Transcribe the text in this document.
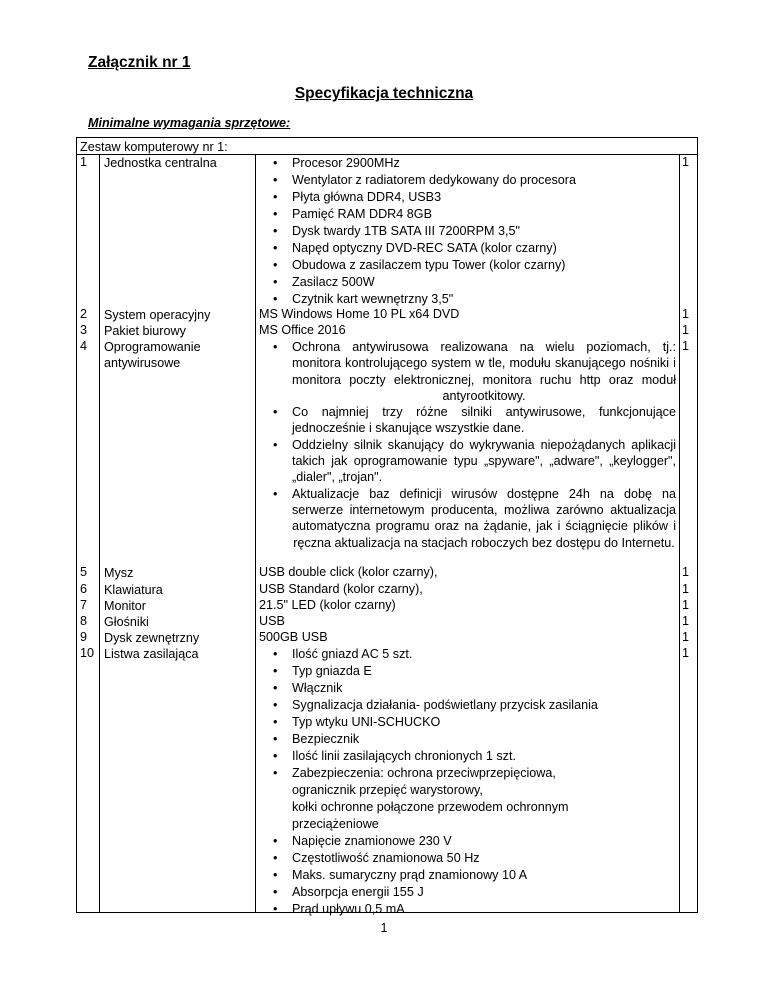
Załącznik nr 1
Specyfikacja techniczna
Minimalne wymagania sprzętowe:
Zestaw komputerowy nr 1:
1	Jednostka centralna	• Procesor 2900MHz
• Wentylator z radiatorem dedykowany do procesora
• Płyta główna DDR4, USB3
• Pamięć RAM DDR4 8GB
• Dysk twardy 1TB SATA III 7200RPM 3,5"
• Napęd optyczny DVD-REC SATA (kolor czarny)
• Obudowa z zasilaczem typu Tower (kolor czarny)
• Zasilacz 500W
• Czytnik kart wewnętrzny 3,5"
1
2	System operacyjny	MS Windows Home 10 PL x64 DVD	1
3	Pakiet biurowy	MS Office 2016	1
4	Oprogramowanie antywirusowe
• Ochrona antywirusowa realizowana na wielu poziomach, tj.: monitora kontrolującego system w tle, modułu skanującego nośniki i monitora poczty elektronicznej, monitora ruchu http oraz moduł antyrootkitowy.
• Co najmniej trzy różne silniki antywirusowe, funkcjonujące jednocześnie i skanujące wszystkie dane.
• Oddzielny silnik skanujący do wykrywania niepożądanych aplikacji takich jak oprogramowanie typu „spyware", „adware", „keylogger", „dialer", „trojan".
• Aktualizacje baz definicji wirusów dostępne 24h na dobę na serwerze internetowym producenta, możliwa zarówno aktualizacja automatyczna programu oraz na żądanie, jak i ściągnięcie plików i ręczna aktualizacja na stacjach roboczych bez dostępu do Internetu.
1
5	Mysz	USB double click (kolor czarny),	1
6	Klawiatura	USB Standard (kolor czarny),	1
7	Monitor	21.5" LED (kolor czarny)	1
8	Głośniki	USB	1
9	Dysk zewnętrzny	500GB USB	1
10 Listwa zasilająca	• Ilość gniazd AC 5 szt.
• Typ gniazda E
• Włącznik
• Sygnalizacja działania- podświetlany przycisk zasilania
• Typ wtyku UNI-SCHUCKO
• Bezpiecznik
• Ilość linii zasilających chronionych 1 szt.
• Zabezpieczenia: ochrona przeciwprzepięciowa,
ogranicznik przepięć warystorowy,
kołki ochronne połączone przewodem ochronnym
przeciążeniowe
• Napięcie znamionowe 230 V
• Częstotliwość znamionowa 50 Hz
• Maks. sumaryczny prąd znamionowy 10 A
• Absorpcja energii 155 J
• Prąd upływu 0,5 mA
1
1
